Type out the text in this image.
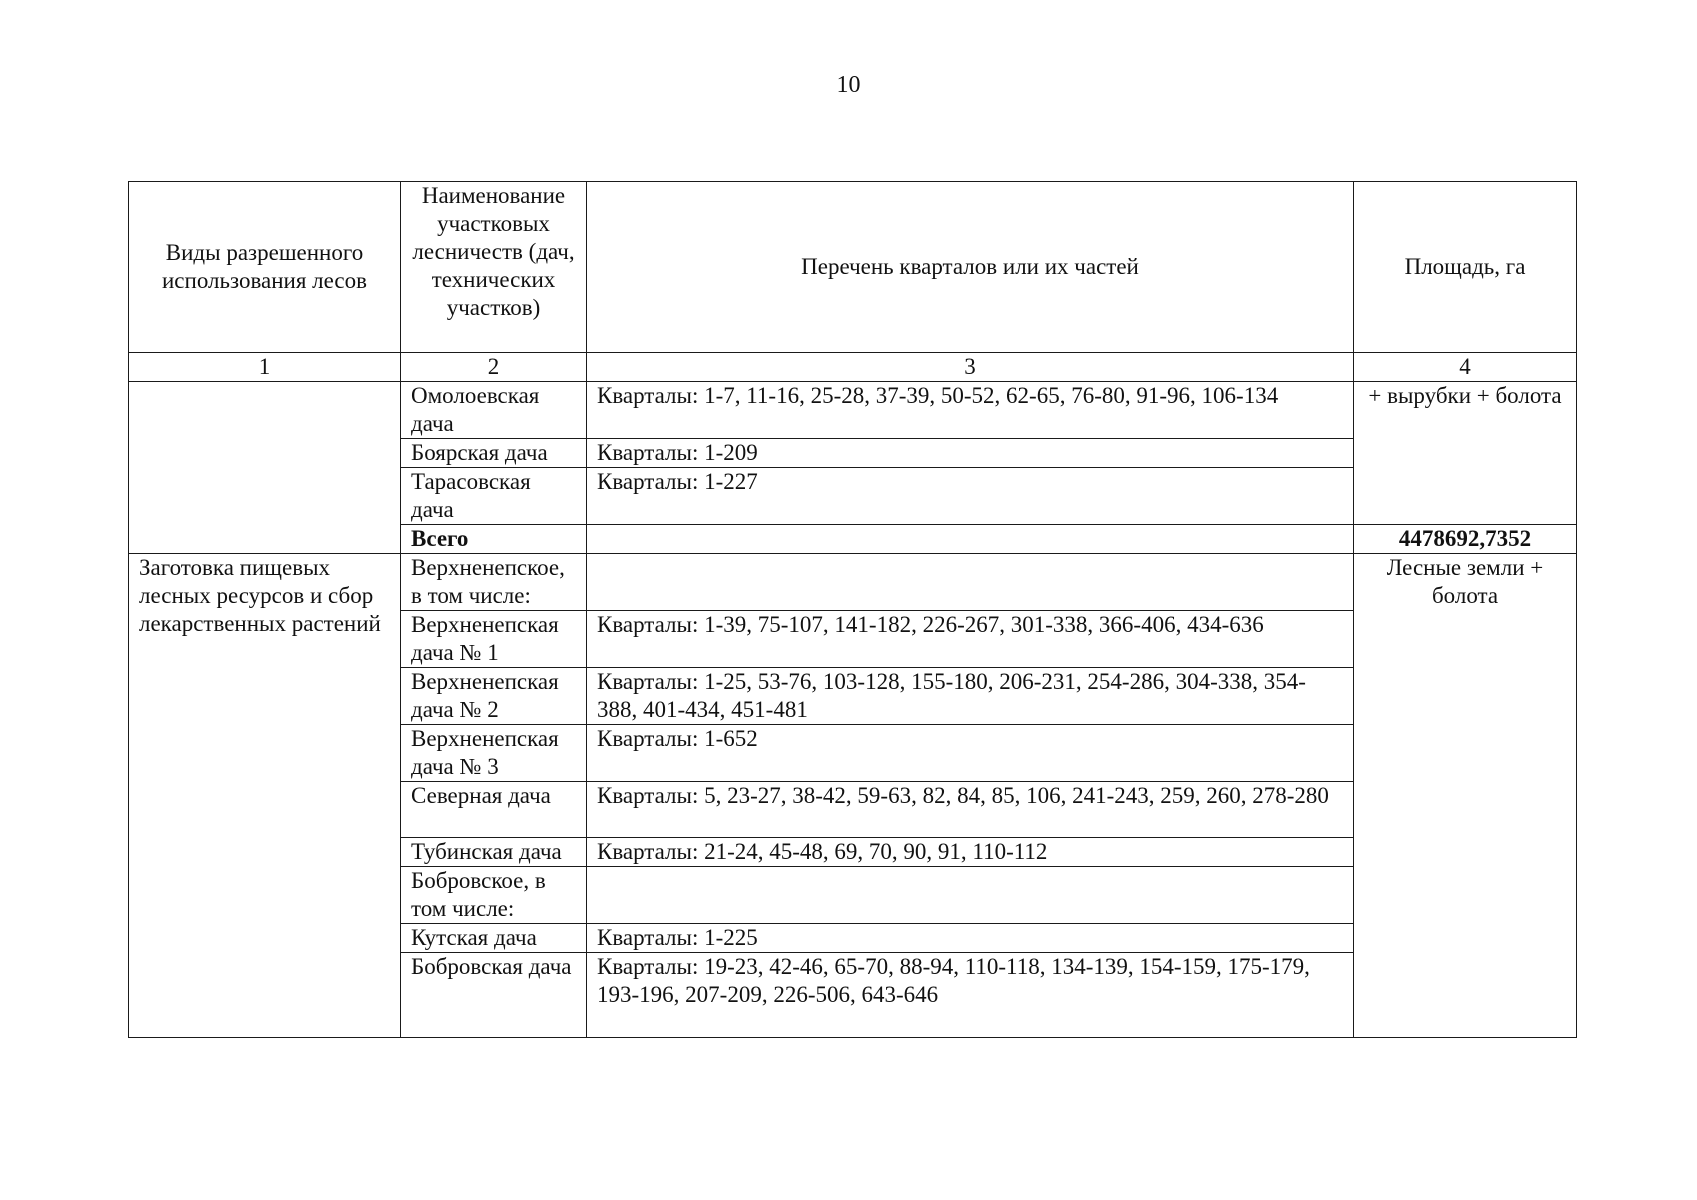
10
Виды разрешенного использования лесов	Наименование участковых лесничеств (дач, технических участков)	Перечень кварталов или их частей	Площадь, га
1	2	3	4
	Омолоевская дача	Кварталы: 1-7, 11-16, 25-28, 37-39, 50-52, 62-65, 76-80, 91-96, 106-134	+ вырубки + болота
	Боярская дача	Кварталы: 1-209	
	Тарасовская дача	Кварталы: 1-227	
	Всего		4478692,7352
Заготовка пищевых лесных ресурсов и сбор лекарственных растений	Верхненепское, в том числе:		Лесные земли + болота
	Верхненепская дача № 1	Кварталы: 1-39, 75-107, 141-182, 226-267, 301-338, 366-406, 434-636	
	Верхненепская дача № 2	Кварталы: 1-25, 53-76, 103-128, 155-180, 206-231, 254-286, 304-338, 354-388, 401-434, 451-481	
	Верхненепская дача № 3	Кварталы: 1-652	
	Северная дача	Кварталы: 5, 23-27, 38-42, 59-63, 82, 84, 85, 106, 241-243, 259, 260, 278-280	
	Тубинская дача	Кварталы: 21-24, 45-48, 69, 70, 90, 91, 110-112	
	Бобровское, в том числе:		
	Кутская дача	Кварталы: 1-225	
	Бобровская дача	Кварталы: 19-23, 42-46, 65-70, 88-94, 110-118, 134-139, 154-159, 175-179, 193-196, 207-209, 226-506, 643-646	
